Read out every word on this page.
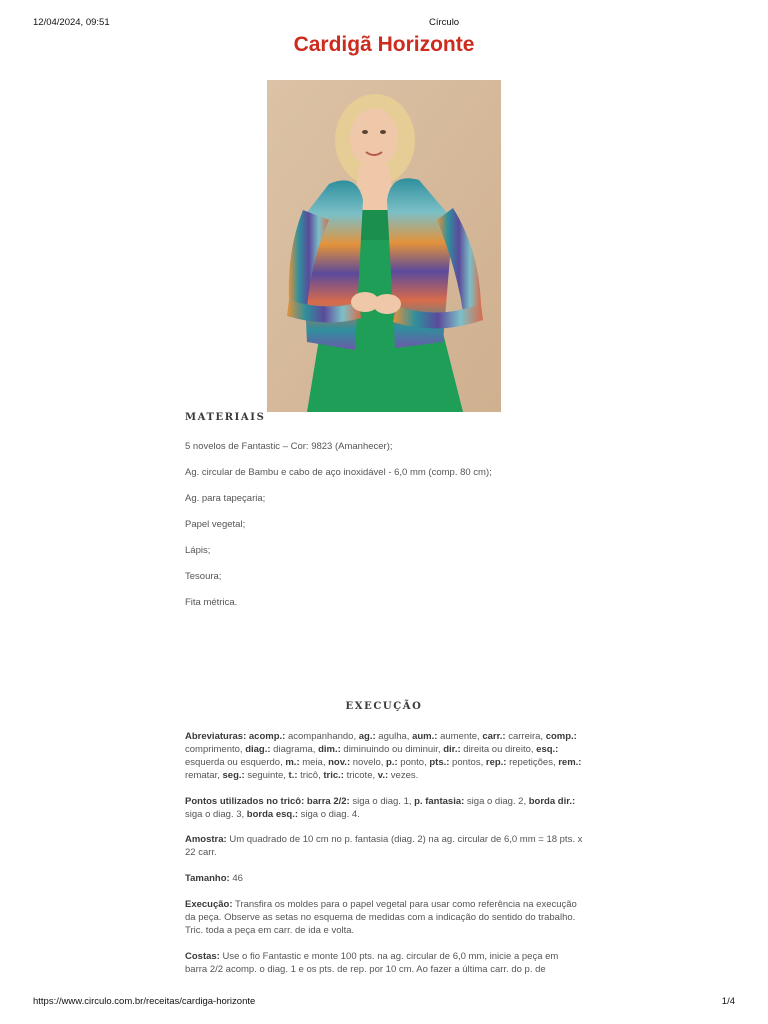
12/04/2024, 09:51	Círculo
Cardigã Horizonte
MATERIAIS

5 novelos de Fantastic – Cor: 9823 (Amanhecer);

Ag. circular de Bambu e cabo de aço inoxidável - 6,0 mm (comp. 80 cm);

Ag. para tapeçaria;

Papel vegetal;

Lápis;

Tesoura;

Fita métrica.

EXECUÇÃO

Abreviaturas: acomp.: acompanhando, ag.: agulha, aum.: aumente, carr.: carreira, comp.: comprimento, diag.: diagrama, dim.: diminuindo ou diminuir, dir.: direita ou direito, esq.: esquerda ou esquerdo, m.: meia, nov.: novelo, p.: ponto, pts.: pontos, rep.: repetições, rem.: rematar, seg.: seguinte, t.: tricô, tric.: tricote, v.: vezes.

Pontos utilizados no tricô: barra 2/2: siga o diag. 1, p. fantasia: siga o diag. 2, borda dir.: siga o diag. 3, borda esq.: siga o diag. 4.

Amostra: Um quadrado de 10 cm no p. fantasia (diag. 2) na ag. circular de 6,0 mm = 18 pts. x 22 carr.

Tamanho: 46

Execução: Transfira os moldes para o papel vegetal para usar como referência na execução da peça. Observe as setas no esquema de medidas com a indicação do sentido do trabalho. Tric. toda a peça em carr. de ida e volta.

Costas: Use o fio Fantastic e monte 100 pts. na ag. circular de 6,0 mm, inicie a peça em barra 2/2 acomp. o diag. 1 e os pts. de rep. por 10 cm. Ao fazer a última carr. do p. de

https://www.circulo.com.br/receitas/cardiga-horizonte	1/4
